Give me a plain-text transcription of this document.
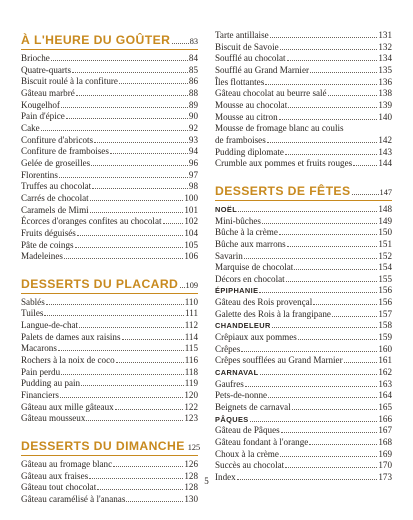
À L'HEURE DU GOÛTER 83
Brioche	84
Quatre-quarts	85
Biscuit roulé à la confiture	86
Gâteau marbré	88
Kougelhof	89
Pain d'épice	90
Cake	92
Confiture d'abricots	93
Confiture de framboises	94
Gelée de groseilles	96
Florentins	97
Truffes au chocolat	98
Carrés de chocolat	100
Caramels de Mimi	101
Écorces d'oranges confites au chocolat	102
Fruits déguisés	104
Pâte de coings	105
Madeleines	106
DESSERTS DU PLACARD 109
Sablés	110
Tuiles	111
Langue-de-chat	112
Palets de dames aux raisins	114
Macarons	115
Rochers à la noix de coco	116
Pain perdu	118
Pudding au pain	119
Financiers	120
Gâteau aux mille gâteaux	122
Gâteau mousseux	123
DESSERTS DU DIMANCHE 125
Gâteau au fromage blanc	126
Gâteau aux fraises	128
Gâteau tout chocolat	128
Gâteau caramélisé à l'ananas	130
Tarte antillaise	131
Biscuit de Savoie	132
Soufflé au chocolat	134
Soufflé au Grand Marnier	135
Îles flottantes	136
Gâteau chocolat au beurre salé	138
Mousse au chocolat	139
Mousse au citron	140
Mousse de fromage blanc au coulis
de framboises	142
Pudding diplomate	143
Crumble aux pommes et fruits rouges	144
DESSERTS DE FÊTES	147
NOËL	148
Mini-bûches	149
Bûche à la crème	150
Bûche aux marrons	151
Savarin	152
Marquise de chocolat	154
Décors en chocolat	155
ÉPIPHANIE	156
Gâteau des Rois provençal	156
Galette des Rois à la frangipane	157
CHANDELEUR	158
Crêpiaux aux pommes	159
Crêpes	160
Crêpes soufflées au Grand Marnier	161
CARNAVAL	162
Gaufres	163
Pets-de-nonne	164
Beignets de carnaval	165
PÂQUES	166
Gâteau de Pâques	167
Gâteau fondant à l'orange	168
Choux à la crème	169
Succès au chocolat	170
Index	173
5
